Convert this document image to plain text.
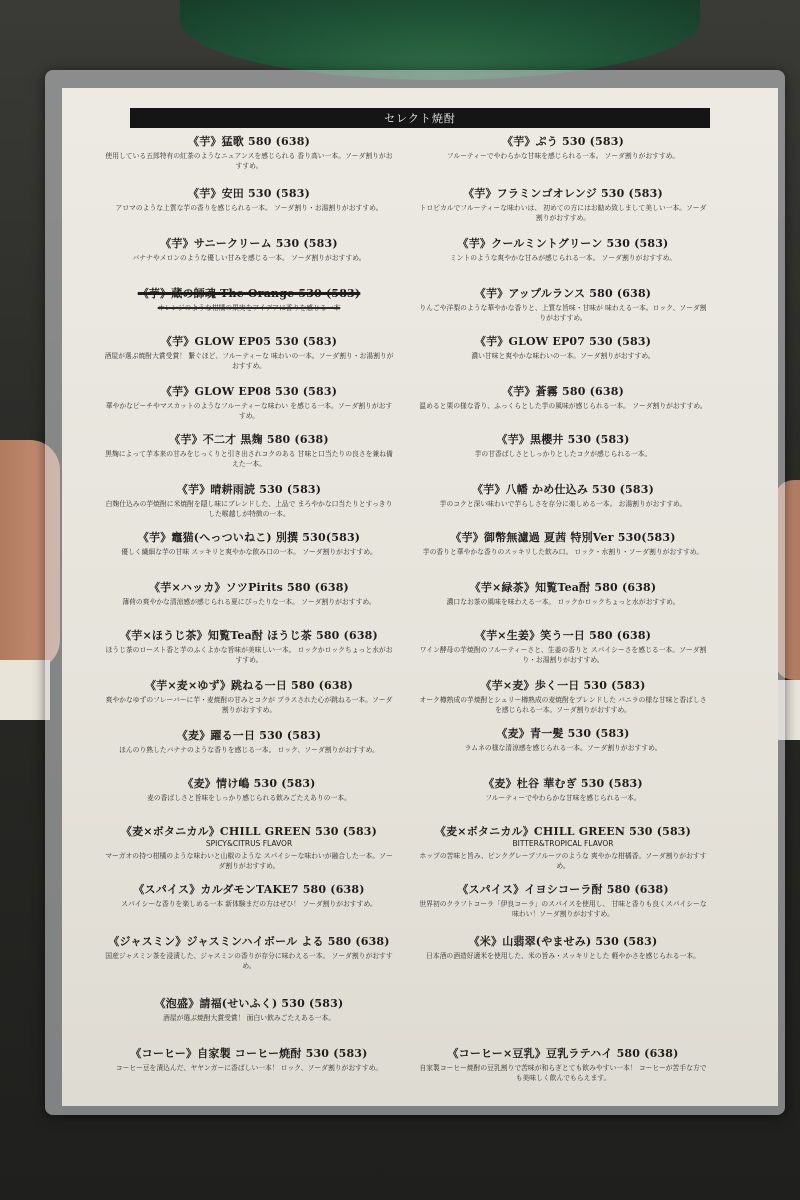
セレクト焼酎
《芋》猛歌 580 (638)
使用している五郎特有の紅茶のようなニュアンスを感じられる 香り高い一本。ソーダ割りがおすすめ。
《芋》安田 530 (583)
アロマのような上質な芋の香りを感じられる一本。 ソーダ割り・お湯割りがおすすめ。
《芋》サニークリーム 530 (583)
バナナやメロンのような優しい甘みを感じる一本。 ソーダ割りがおすすめ。
《芋》蔵の師魂 The Orange 530 (583)
オレンジのような柑橘の果実をアイデアに香りを感じる一本
《芋》GLOW EP05 530 (583)
酒屋が選ぶ焼酎大賞受賞！ 繋ぐほど、フルーティーな 味わいの一本。ソーダ割り・お湯割りがおすすめ。
《芋》GLOW EP08 530 (583)
華やかなピーチやマスカットのようなフルーティーな味わい を感じる一本。ソーダ割りがおすすめ。
《芋》不二才 黒麹 580 (638)
黒麹によって芋本来の甘みをじっくりと引き出されコクのある 甘味と口当たりの良さを兼ね備えた一本。
《芋》晴耕雨読 530 (583)
白麹仕込みの芋焼酎に米焼酎を隠し味にブレンドした、上品で まろやかな口当たりとすっきりした喉越しが特徴の一本。
《芋》竈猫(へっついねこ) 別撰 530(583)
優しく繊細な芋の甘味 スッキリと爽やかな飲み口の一本。 ソーダ割りがおすすめ。
《芋×ハッカ》ソツPirits 580 (638)
薄荷の爽やかな清涼感が感じられる夏にぴったりな一本。 ソーダ割りがおすすめ。
《芋×ほうじ茶》知覧Tea酎 ほうじ茶 580 (638)
ほうじ茶のロースト香と芋のふくよかな旨味が美味しい一本。 ロックかロックちょっと水がおすすめ。
《芋×麦×ゆず》跳ねる一日 580 (638)
爽やかなゆずのフレーバーに芋・麦焼酎の甘みとコクが プラスされた心が跳ねる一本。ソーダ割りがおすすめ。
《麦》躍る一日 530 (583)
ほんのり熟したバナナのような香りを感じる一本。 ロック、ソーダ割りがおすすめ。
《麦》情け嶋 530 (583)
麦の香ばしさと旨味をしっかり感じられる飲みごたえありの一本。
《麦×ボタニカル》CHILL GREEN 530 (583)
SPICY&CITRUS FLAVOR
マーガオの持つ柑橘のような味わいと山椒のような スパイシーな味わいが融合した一本。ソーダ割りがおすすめ。
《スパイス》カルダモンTAKE7 580 (638)
スパイシーな香りを楽しめる一本 新体験まだの方はぜひ！ ソーダ割りがおすすめ。
《ジャスミン》ジャスミンハイボール よる 580 (638)
国産ジャスミン茶を浸漬した、ジャスミンの香りが存分に味わえる一本。 ソーダ割りがおすすめ。
《泡盛》請福(せいふく) 530 (583)
酒屋が選ぶ焼酎大賞受賞！ 面白い飲みごたえある一本。
《コーヒー》自家製 コーヒー焼酎 530 (583)
コーヒー豆を漬込んだ、ヤヤンガーに香ばしい一本！ ロック、ソーダ割りがおすすめ。
《芋》ぷう 530 (583)
フルーティーでやわらかな甘味を感じられる一本。 ソーダ割りがおすすめ。
《芋》フラミンゴオレンジ 530 (583)
トロピカルでフルーティーな味わいは、 初めての方にはお勧め致しまして美しい一本。ソーダ割りがおすすめ。
《芋》クールミントグリーン 530 (583)
ミントのような爽やかな甘みが感じられる一本。 ソーダ割りがおすすめ。
《芋》アップルランス 580 (638)
りんごや洋梨のような華やかな香りと、上質な旨味・甘味が 味わえる一本。ロック、ソーダ割りがおすすめ。
《芋》GLOW EP07 530 (583)
濃い甘味と爽やかな味わいの一本。ソーダ割りがおすすめ。
《芋》蒼霧 580 (638)
温めると栗の様な香り、ふっくらとした芋の風味が感じられる一本。 ソーダ割りがおすすめ。
《芋》黒櫻井 530 (583)
芋の甘香ばしさとしっかりとしたコクが感じられる一本。
《芋》八幡 かめ仕込み 530 (583)
芋のコクと深い味わいで芋らしさを存分に楽しめる一本。 お湯割りがおすすめ。
《芋》御幣無濾過 夏茜 特別Ver 530(583)
芋の香りと華やかな香りのスッキリした飲み口。 ロック・水割り・ソーダ割りがおすすめ。
《芋×緑茶》知覧Tea酎 580 (638)
濃口なお茶の風味を味わえる一本。 ロックかロックちょっと水がおすすめ。
《芋×生姜》笑う一日 580 (638)
ワイン酵母の芋焼酎のフルーティーさと、生姜の香りと スパイシーさを感じる一本。ソーダ割り・お湯割りがおすすめ。
《芋×麦》歩く一日 530 (583)
オーク樽熟成の芋焼酎とシェリー樽熟成の麦焼酎をブレンドした バニラの様な甘味と香ばしさを感じられる一本。ソーダ割りがおすすめ。
《麦》青一髪 530 (583)
ラムネの様な清涼感を感じられる一本。ソーダ割りがおすすめ。
《麦》杜谷 華むぎ 530 (583)
フルーティーでやわらかな甘味を感じられる一本。
《麦×ボタニカル》CHILL GREEN 530 (583)
BITTER&TROPICAL FLAVOR
ホップの苦味と旨み、ピンクグレープフルーツのような 爽やかな柑橘香。ソーダ割りがおすすめ。
《スパイス》イヨシコーラ酎 580 (638)
世界初のクラフトコーラ「伊良コーラ」のスパイスを使用し、 甘味と香りも良くスパイシーな味わい！ソーダ割りがおすすめ。
《米》山翡翠(やませみ) 530 (583)
日本酒の酒造好適米を使用した、米の旨み・スッキリとした 軽やかさを感じられる一本。
《コーヒー×豆乳》豆乳ラテハイ 580 (638)
自家製コーヒー焼酎の豆乳割りで苦味が和らぎとても飲みやすい一本！ コーヒーが苦手な方でも美味しく飲んでもらえます。
